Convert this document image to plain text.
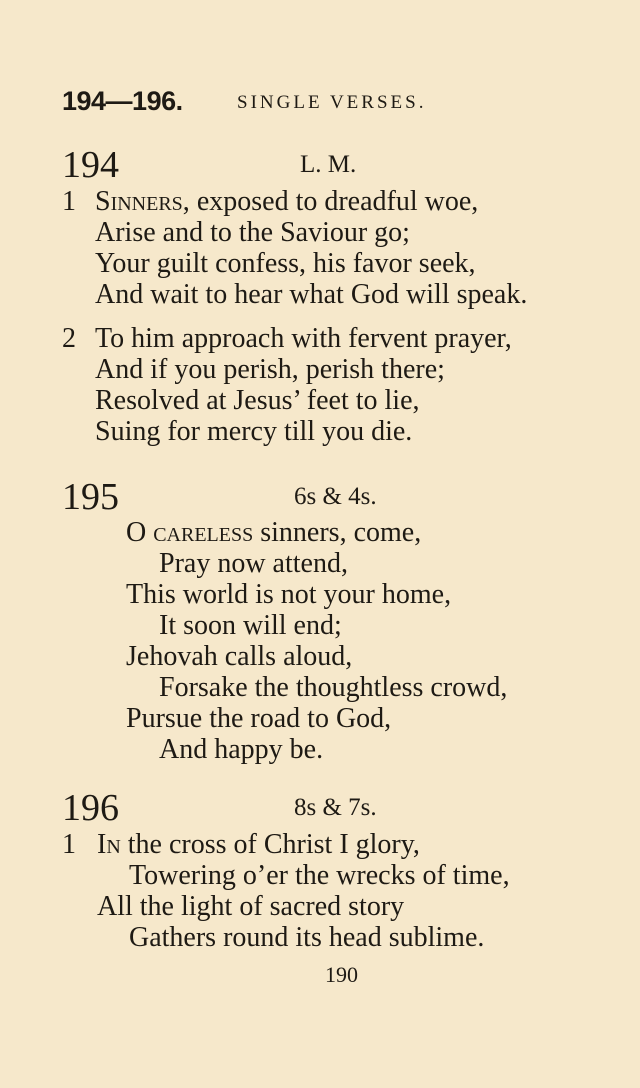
194—196.	SINGLE VERSES.
194	L. M.
1 Sinners, exposed to dreadful woe,
Arise and to the Saviour go;
Your guilt confess, his favor seek,
And wait to hear what God will speak.
2 To him approach with fervent prayer,
And if you perish, perish there;
Resolved at Jesus’ feet to lie,
Suing for mercy till you die.
195	6s & 4s.
O careless sinners, come,
Pray now attend,
This world is not your home,
It soon will end;
Jehovah calls aloud,
Forsake the thoughtless crowd,
Pursue the road to God,
And happy be.
196	8s & 7s.
1 In the cross of Christ I glory,
Towering o’er the wrecks of time,
All the light of sacred story
Gathers round its head sublime.
190
